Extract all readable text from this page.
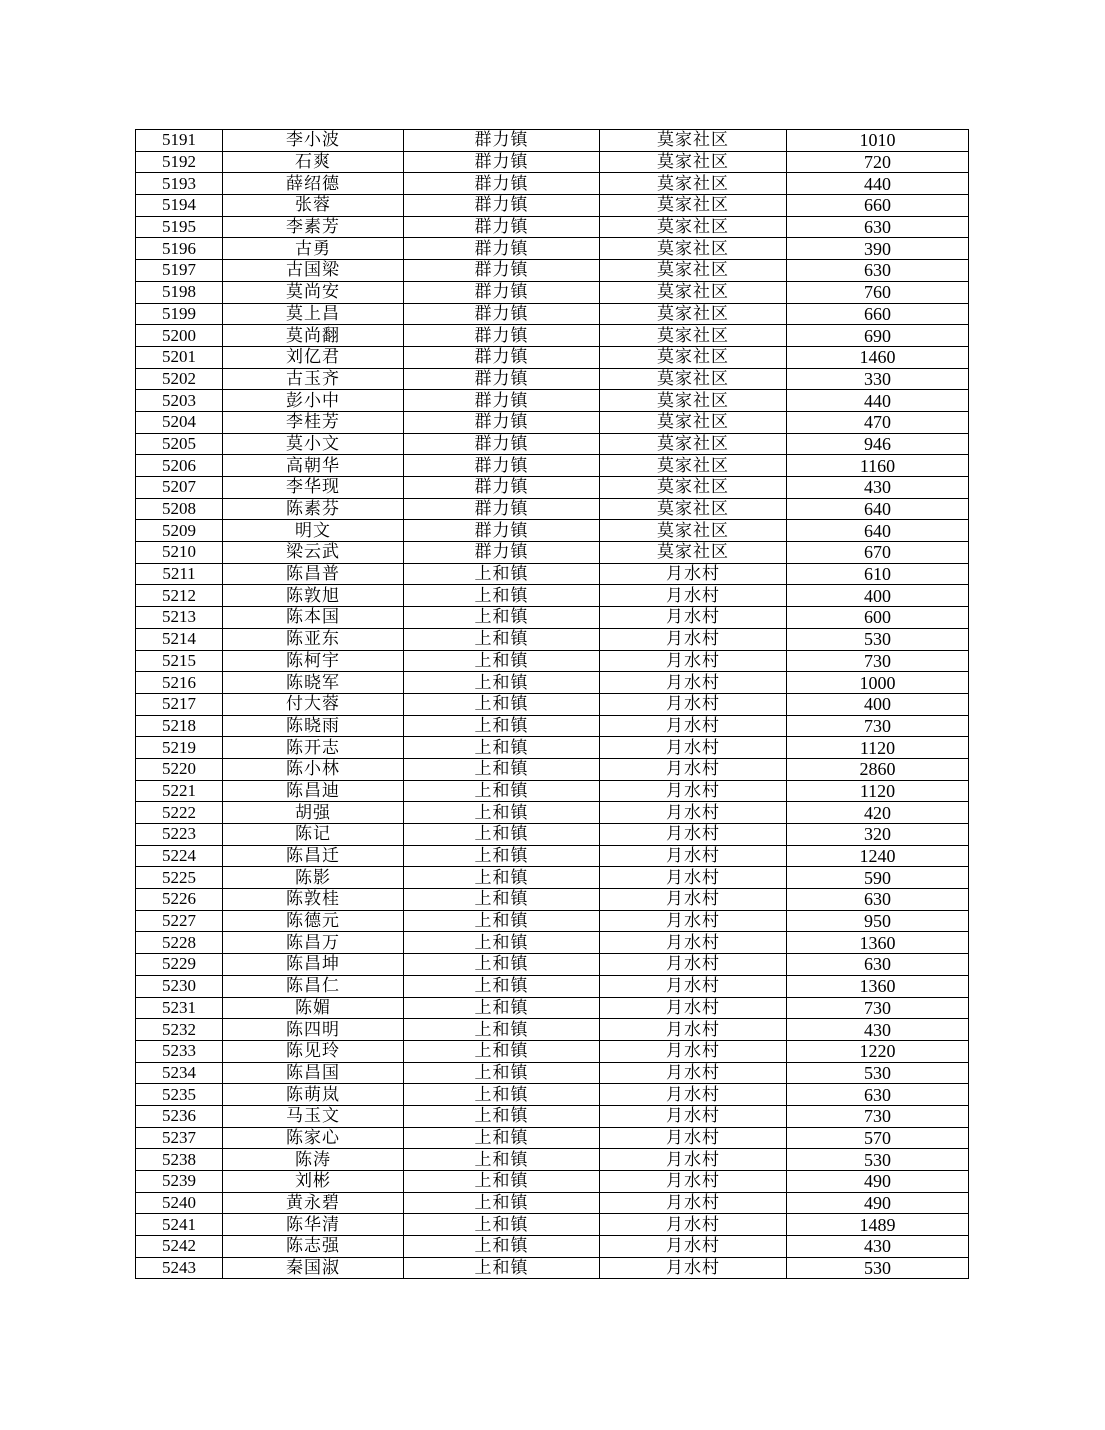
5191	李小波	群力镇	莫家社区	1010
5192	石爽	群力镇	莫家社区	720
5193	薛绍德	群力镇	莫家社区	440
5194	张蓉	群力镇	莫家社区	660
5195	李素芳	群力镇	莫家社区	630
5196	古勇	群力镇	莫家社区	390
5197	古国梁	群力镇	莫家社区	630
5198	莫尚安	群力镇	莫家社区	760
5199	莫上昌	群力镇	莫家社区	660
5200	莫尚翻	群力镇	莫家社区	690
5201	刘亿君	群力镇	莫家社区	1460
5202	古玉齐	群力镇	莫家社区	330
5203	彭小中	群力镇	莫家社区	440
5204	李桂芳	群力镇	莫家社区	470
5205	莫小文	群力镇	莫家社区	946
5206	高朝华	群力镇	莫家社区	1160
5207	李华现	群力镇	莫家社区	430
5208	陈素芬	群力镇	莫家社区	640
5209	明文	群力镇	莫家社区	640
5210	梁云武	群力镇	莫家社区	670
5211	陈昌普	上和镇	月水村	610
5212	陈敦旭	上和镇	月水村	400
5213	陈本国	上和镇	月水村	600
5214	陈亚东	上和镇	月水村	530
5215	陈柯宇	上和镇	月水村	730
5216	陈晓军	上和镇	月水村	1000
5217	付大蓉	上和镇	月水村	400
5218	陈晓雨	上和镇	月水村	730
5219	陈开志	上和镇	月水村	1120
5220	陈小林	上和镇	月水村	2860
5221	陈昌迪	上和镇	月水村	1120
5222	胡强	上和镇	月水村	420
5223	陈记	上和镇	月水村	320
5224	陈昌迁	上和镇	月水村	1240
5225	陈影	上和镇	月水村	590
5226	陈敦桂	上和镇	月水村	630
5227	陈德元	上和镇	月水村	950
5228	陈昌万	上和镇	月水村	1360
5229	陈昌坤	上和镇	月水村	630
5230	陈昌仁	上和镇	月水村	1360
5231	陈媚	上和镇	月水村	730
5232	陈四明	上和镇	月水村	430
5233	陈见玲	上和镇	月水村	1220
5234	陈昌国	上和镇	月水村	530
5235	陈萌岚	上和镇	月水村	630
5236	马玉文	上和镇	月水村	730
5237	陈家心	上和镇	月水村	570
5238	陈涛	上和镇	月水村	530
5239	刘彬	上和镇	月水村	490
5240	黄永碧	上和镇	月水村	490
5241	陈华清	上和镇	月水村	1489
5242	陈志强	上和镇	月水村	430
5243	秦国淑	上和镇	月水村	530
